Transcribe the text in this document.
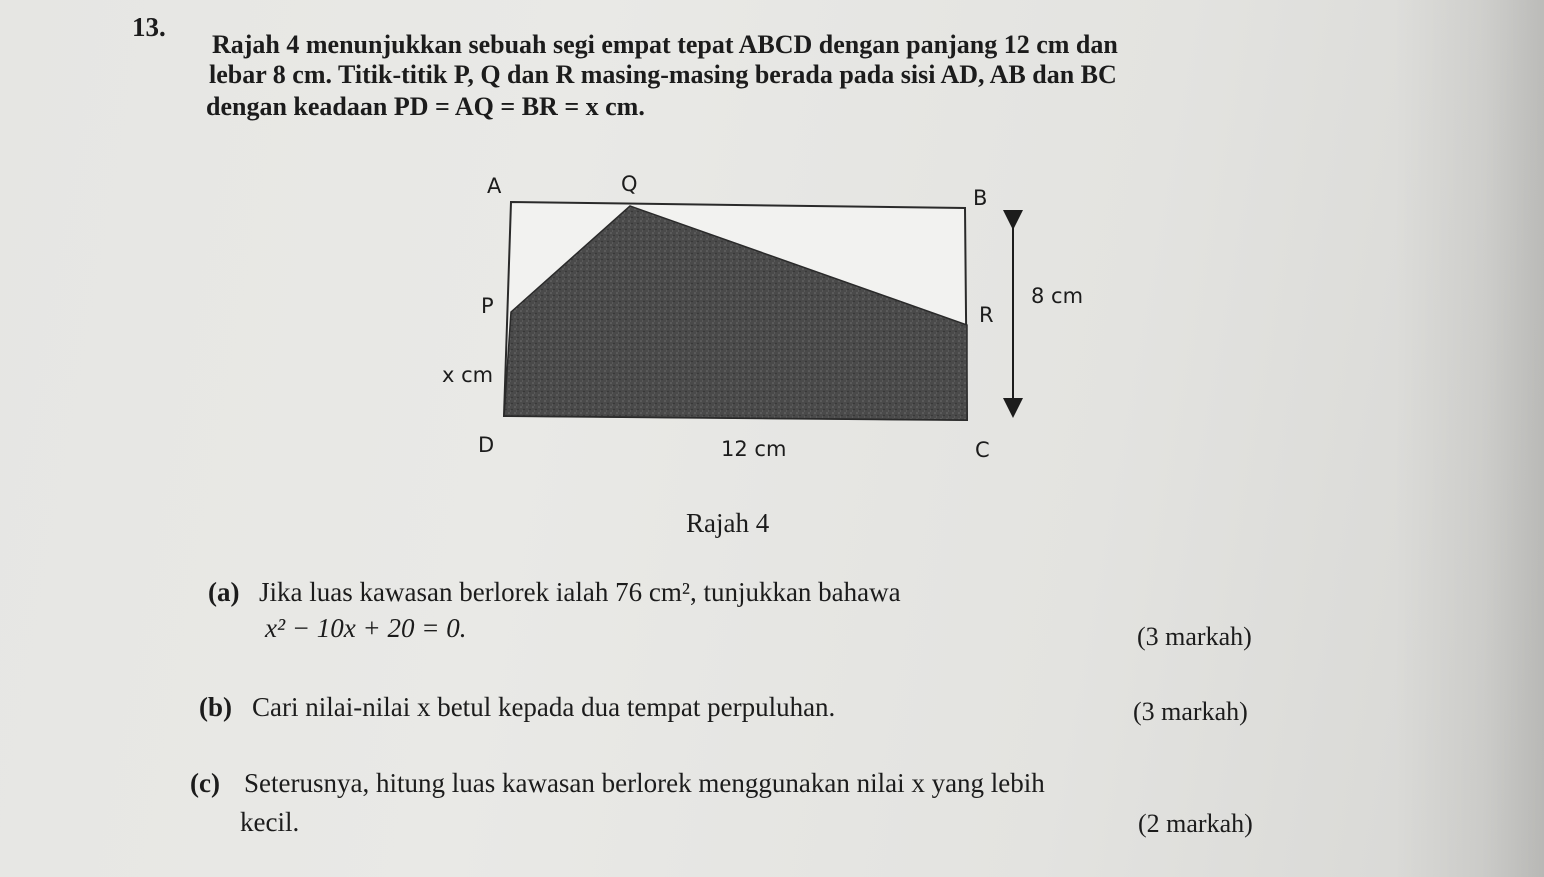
13.
Rajah 4 menunjukkan sebuah segi empat tepat ABCD dengan panjang 12 cm dan
lebar 8 cm. Titik-titik P, Q dan R masing-masing berada pada sisi AD, AB dan BC
dengan keadaan PD = AQ = BR = x cm.
A	Q
B
P	R
D	C
8 cm
12 cm
x cm
Rajah 4
(a) Jika luas kawasan berlorek ialah 76 cm², tunjukkan bahawa
x² − 10x + 20 = 0.	(3 markah)
(b) Cari nilai-nilai x betul kepada dua tempat perpuluhan.	(3 markah)
(c) Seterusnya, hitung luas kawasan berlorek menggunakan nilai x yang lebih
kecil.	(2 markah)
